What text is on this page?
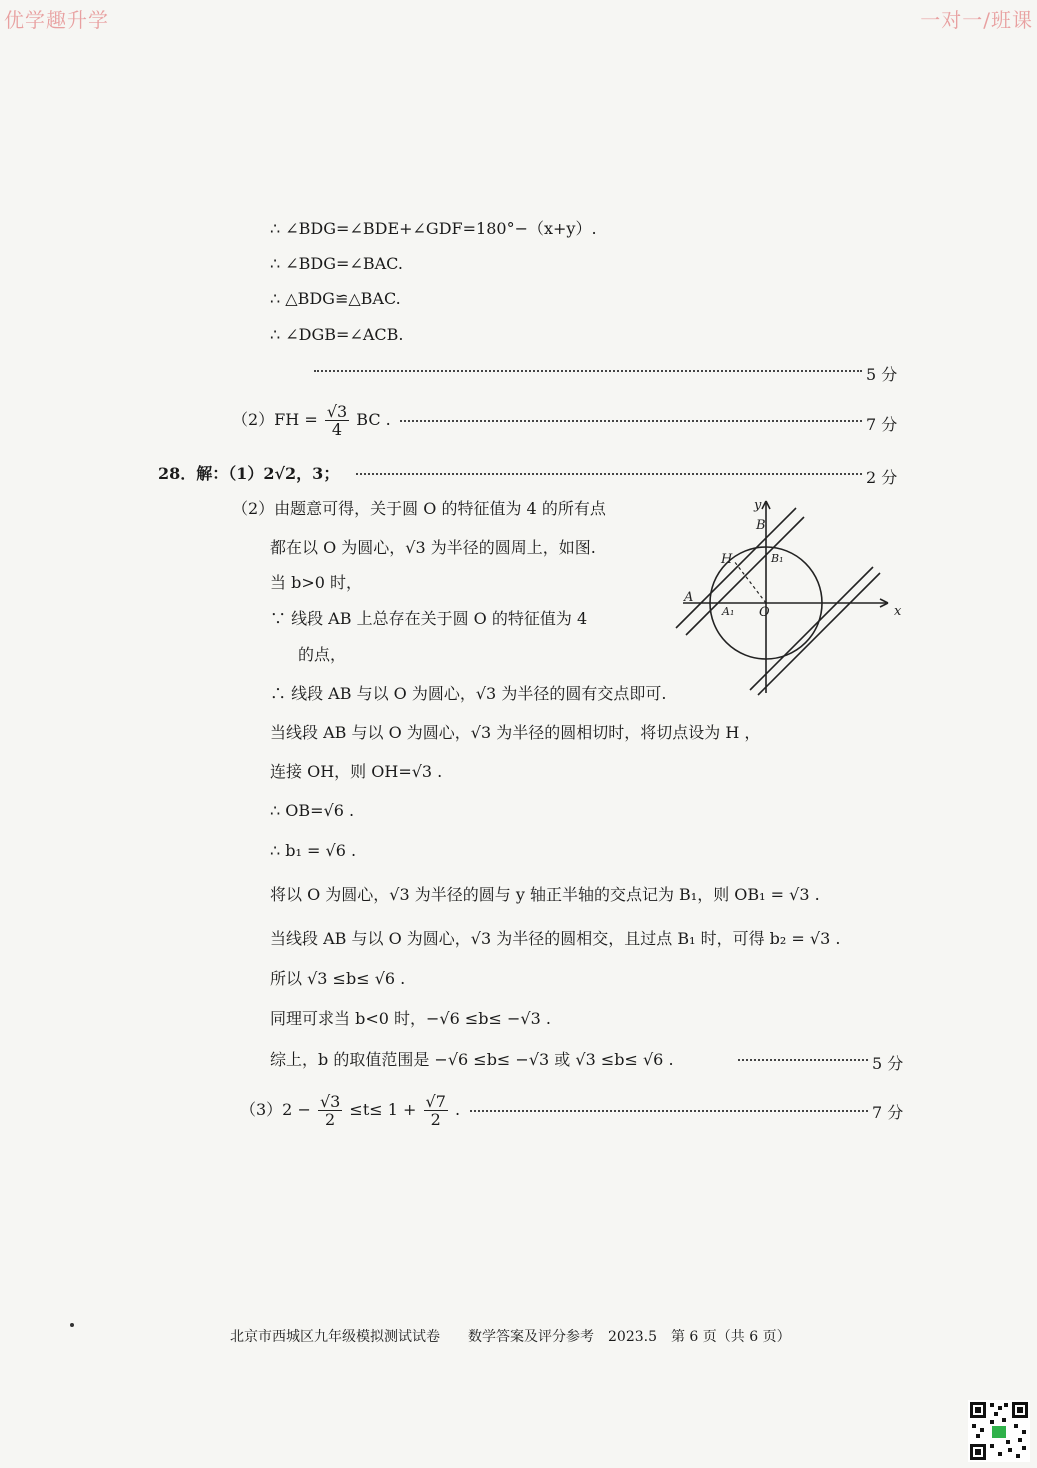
优学趣升学	一对一/班课
∴ ∠BDG=∠BDE+∠GDF=180°−（x+y）.
∴ ∠BDG=∠BAC.
∴ △BDG≌△BAC.
∴ ∠DGB=∠ACB.
5 分
$(2)FH = \frac{√3}{4}$ BC .	7 分
28．解：（1）2√2，3；	2 分
（2）由题意可得，关于圆 O 的特征值为 4 的所有点
都在以 O 为圆心，√3 为半径的圆周上，如图.
当 b>0 时，
∵ 线段 AB 上总存在关于圆 O 的特征值为 4
的点，
∴ 线段 AB 与以 O 为圆心，√3 为半径的圆有交点即可.
当线段 AB 与以 O 为圆心，√3 为半径的圆相切时，将切点设为 H ，
连接 OH，则 OH=√3 .
∴ OB=√6 .
∴ b₁ = √6 .
将以 O 为圆心，√3 为半径的圆与 y 轴正半轴的交点记为 B₁，则 OB₁ = √3 .
当线段 AB 与以 O 为圆心，√3 为半径的圆相交，且过点 B₁ 时，可得 b₂ = √3 .
所以 √3 ≤b≤ √6 .
同理可求当 b<0 时，−√6 ≤b≤ −√3 .
综上，b 的取值范围是 −√6 ≤b≤ −√3 或 √3 ≤b≤ √6 .	5 分
$(3)2 - \frac{√3}{2} \le t\le 1 + \frac{√7}{2}$ .	7 分
y
x
B
B₁
H
A
A₁ O
北京市西城区九年级模拟测试试卷　　数学答案及评分参考　2023.5　第 6 页（共 6 页）
